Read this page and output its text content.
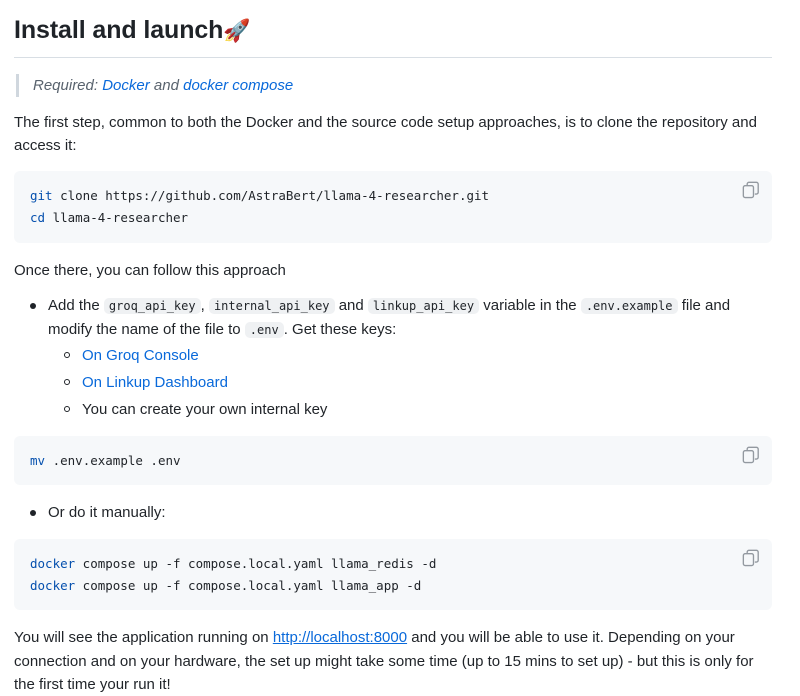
Install and launch🚀
Required: Docker and docker compose

The first step, common to both the Docker and the source code setup approaches, is to clone the repository and access it:

git clone https://github.com/AstraBert/llama-4-researcher.git
cd llama-4-researcher

Once there, you can follow this approach

Add the groq_api_key , internal_api_key and linkup_api_key variable in the .env.example file and modify the name of the file to .env . Get these keys:
On Groq Console
On Linkup Dashboard
You can create your own internal key
mv .env.example .env
Or do it manually:
docker compose up -f compose.local.yaml llama_redis -d
docker compose up -f compose.local.yaml llama_app -d

You will see the application running on http://localhost:8000 and you will be able to use it. Depending on your connection and on your hardware, the set up might take some time (up to 15 mins to set up) - but this is only for the first time your run it!
